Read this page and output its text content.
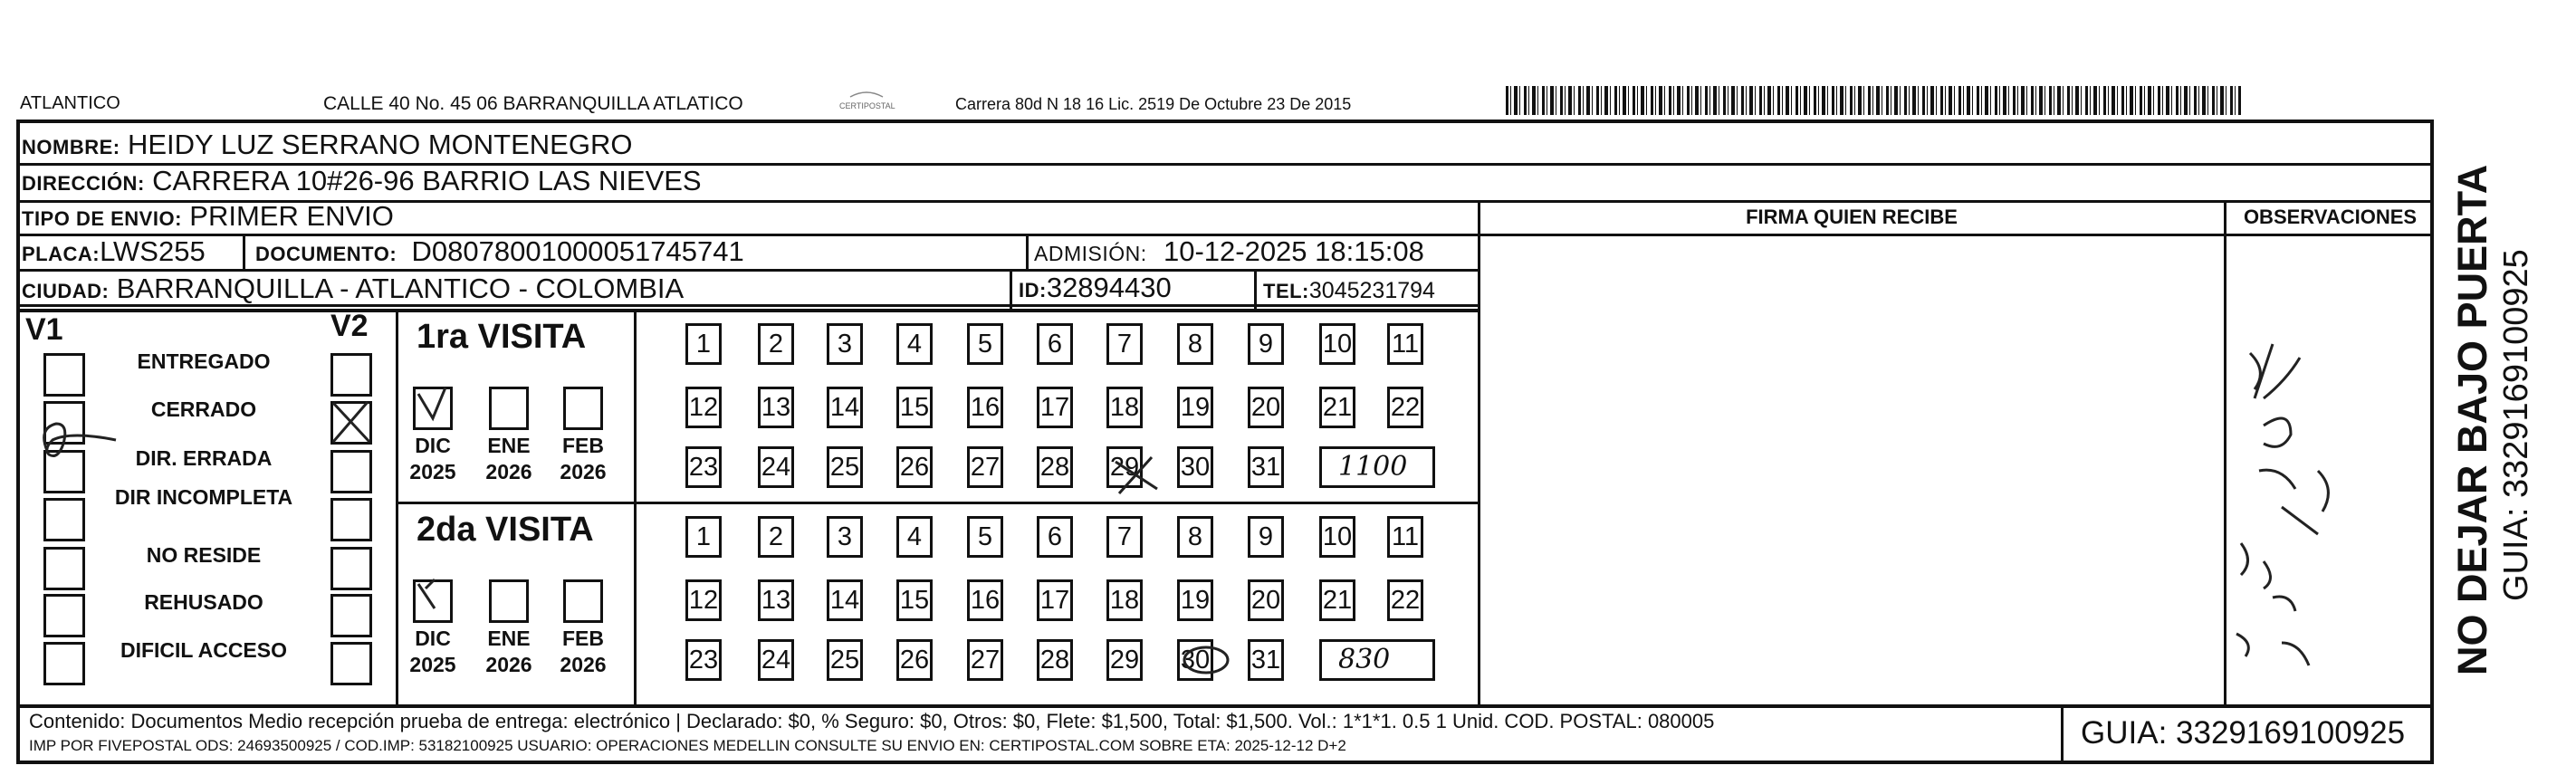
ATLANTICO	CALLE 40 No. 45 06 BARRANQUILLA ATLATICO	CERTIPOSTAL	Carrera 80d N 18 16 Lic. 2519 De Octubre 23 De 2015
NOMBRE: HEIDY LUZ SERRANO MONTENEGRO
DIRECCIÓN: CARRERA 10#26-96 BARRIO LAS NIEVES
TIPO DE ENVIO: PRIMER ENVIO
PLACA:LWS255	DOCUMENTO: D08078001000051745741	ADMISIÓN: 10-12-2025 18:15:08
CIUDAD: BARRANQUILLA - ATLANTICO - COLOMBIA	ID:32894430	TEL:3045231794
FIRMA QUIEN RECIBE	OBSERVACIONES
V1	V2
ENTREGADO
CERRADO
DIR. ERRADA
DIR INCOMPLETA
NO RESIDE
REHUSADO
DIFICIL ACCESO
1ra VISITA
DIC
2025
ENE
2026
FEB
2026
1	2	3	4	5	6	7	8	9	10 11
12 13 14 15 16 17 18 19 20 21 22
23 24 25 26 27 28 29 30 31 1100
2da VISITA
DIC
2025
ENE
2026
FEB
2026
1	2	3	4	5	6	7	8	9	10 11
12 13 14 15 16 17 18 19 20 21 22
23 24 25 26 27 28 29 30 31 830	NO DEJAR BAJO PUERTA GUIA: 3329169100925
Contenido: Documentos Medio recepción prueba de entrega: electrónico | Declarado: $0, % Seguro: $0, Otros: $0, Flete: $1,500, Total: $1,500. Vol.: 1*1*1. 0.5 1 Unid. COD. POSTAL: 080005
IMP POR FIVEPOSTAL ODS: 24693500925 / COD.IMP: 53182100925 USUARIO: OPERACIONES MEDELLIN CONSULTE SU ENVIO EN: CERTIPOSTAL.COM SOBRE ETA: 2025-12-12 D+2	GUIA: 3329169100925
